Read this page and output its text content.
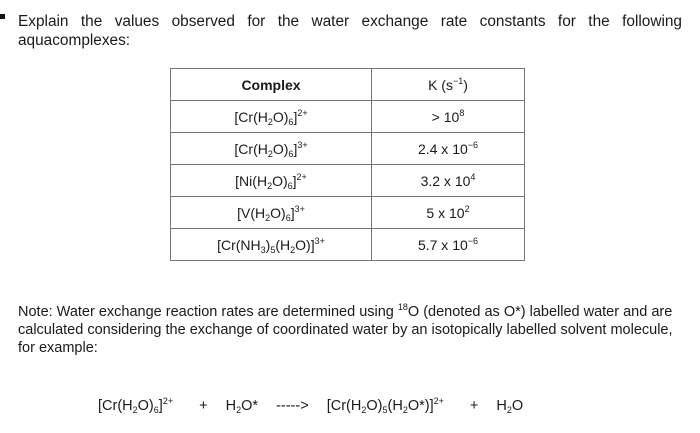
Explain the values observed for the water exchange rate constants for the following aquacomplexes:
Complex	K $(s^{-1})$
$[Cr(H_2O)_6]^{2+}$	> $10^8$
$[Cr(H_2O)_6]^{3+}$	2.4 x $10^{-6}$
$[Ni(H_2O)_6]^{2+}$	3.2 x $10^4$
$[V(H_2O)_6]^{3+}$	5 x $10^2$
$[Cr(NH_3)_5(H_2O)]^{3+}$	5.7 x $10^{-6}$
Note: Water exchange reaction rates are determined using $^{18}$O (denoted as O*) labelled water and are calculated considering the exchange of coordinated water by an isotopically labelled solvent molecule, for example:
$[Cr(H_2O)_6]^{2+} + H_2O*$ -----> $[Cr(H_2O)_5(H_2O*)]^{2+} + H_2O$
